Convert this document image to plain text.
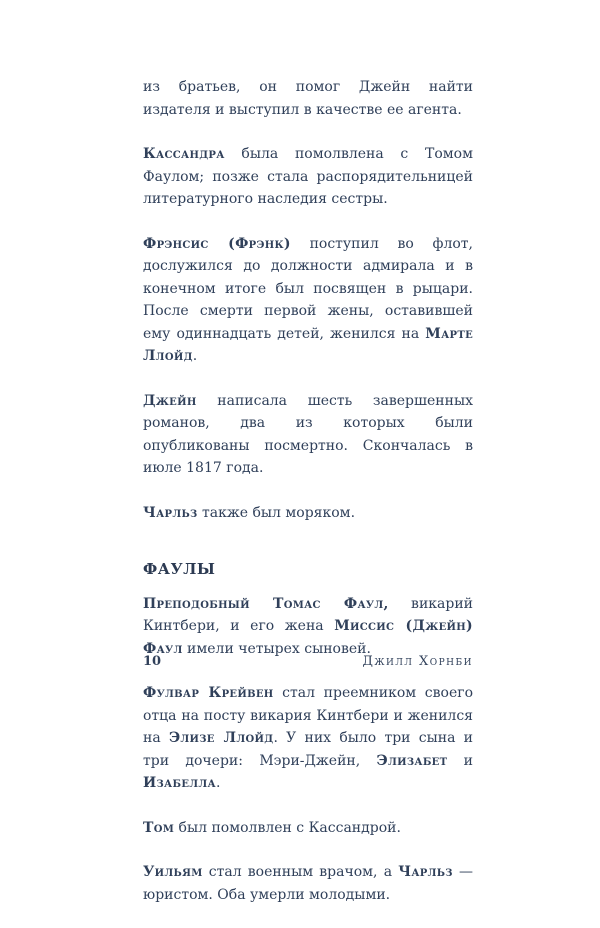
из братьев, он помог Джейн найти издателя и выступил в качестве ее агента.

Кассандра была помолвлена с Томом Фаулом; позже стала распорядительницей литературного наследия сестры.

Фрэнсис (Фрэнк) поступил во флот, дослужился до должности адмирала и в конечном итоге был посвящен в рыцари. После смерти первой жены, оставившей ему одиннадцать детей, женился на Марте Ллойд.

Джейн написала шесть завершенных романов, два из которых были опубликованы посмертно. Скончалась в июле 1817 года.

Чарльз также был моряком.

ФАУЛЫ

Преподобный Томас Фаул, викарий Кинтбери, и его жена Миссис (Джейн) Фаул имели четырех сыновей.

Фулвар Крейвен стал преемником своего отца на посту викария Кинтбери и женился на Элизе Ллойд. У них было три сына и три дочери: Мэри-Джейн, Элизабет и Изабелла.

Том был помолвлен с Кассандрой.

Уильям стал военным врачом, а Чарльз — юристом. Оба умерли молодыми.

10	Джилл Хорнби
